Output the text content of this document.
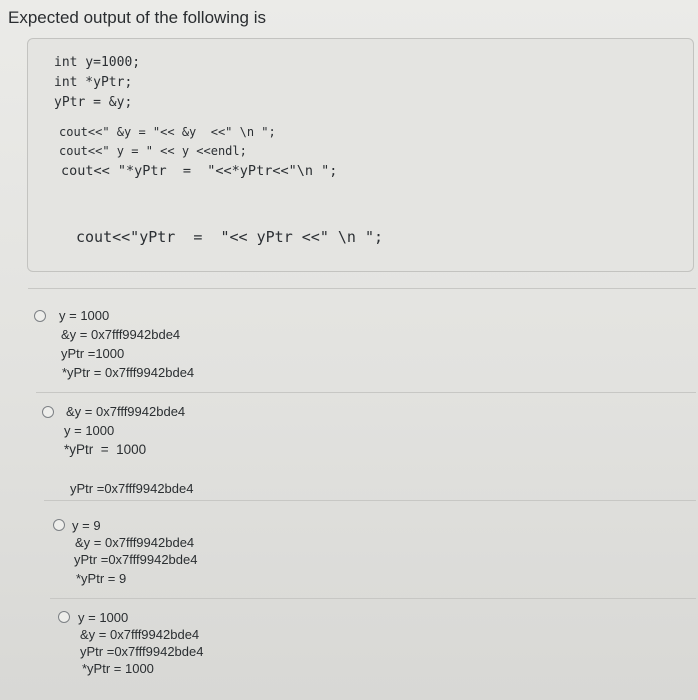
Expected output of the following is
int y=1000;
int *yPtr;
yPtr = &y;
cout<<" &y = "<< &y  <<" \n ";
cout<<" y = " << y <<endl;
cout<< "*yPtr  =  "<<*yPtr<<"\n ";
cout<<"yPtr  =  "<< yPtr <<" \n ";
y = 1000
&y = 0x7fff9942bde4
yPtr =1000
*yPtr = 0x7fff9942bde4
&y = 0x7fff9942bde4
y = 1000
*yPtr  =  1000
yPtr =0x7fff9942bde4
y = 9
&y = 0x7fff9942bde4
yPtr =0x7fff9942bde4
*yPtr = 9
y = 1000
&y = 0x7fff9942bde4
yPtr =0x7fff9942bde4
*yPtr = 1000
